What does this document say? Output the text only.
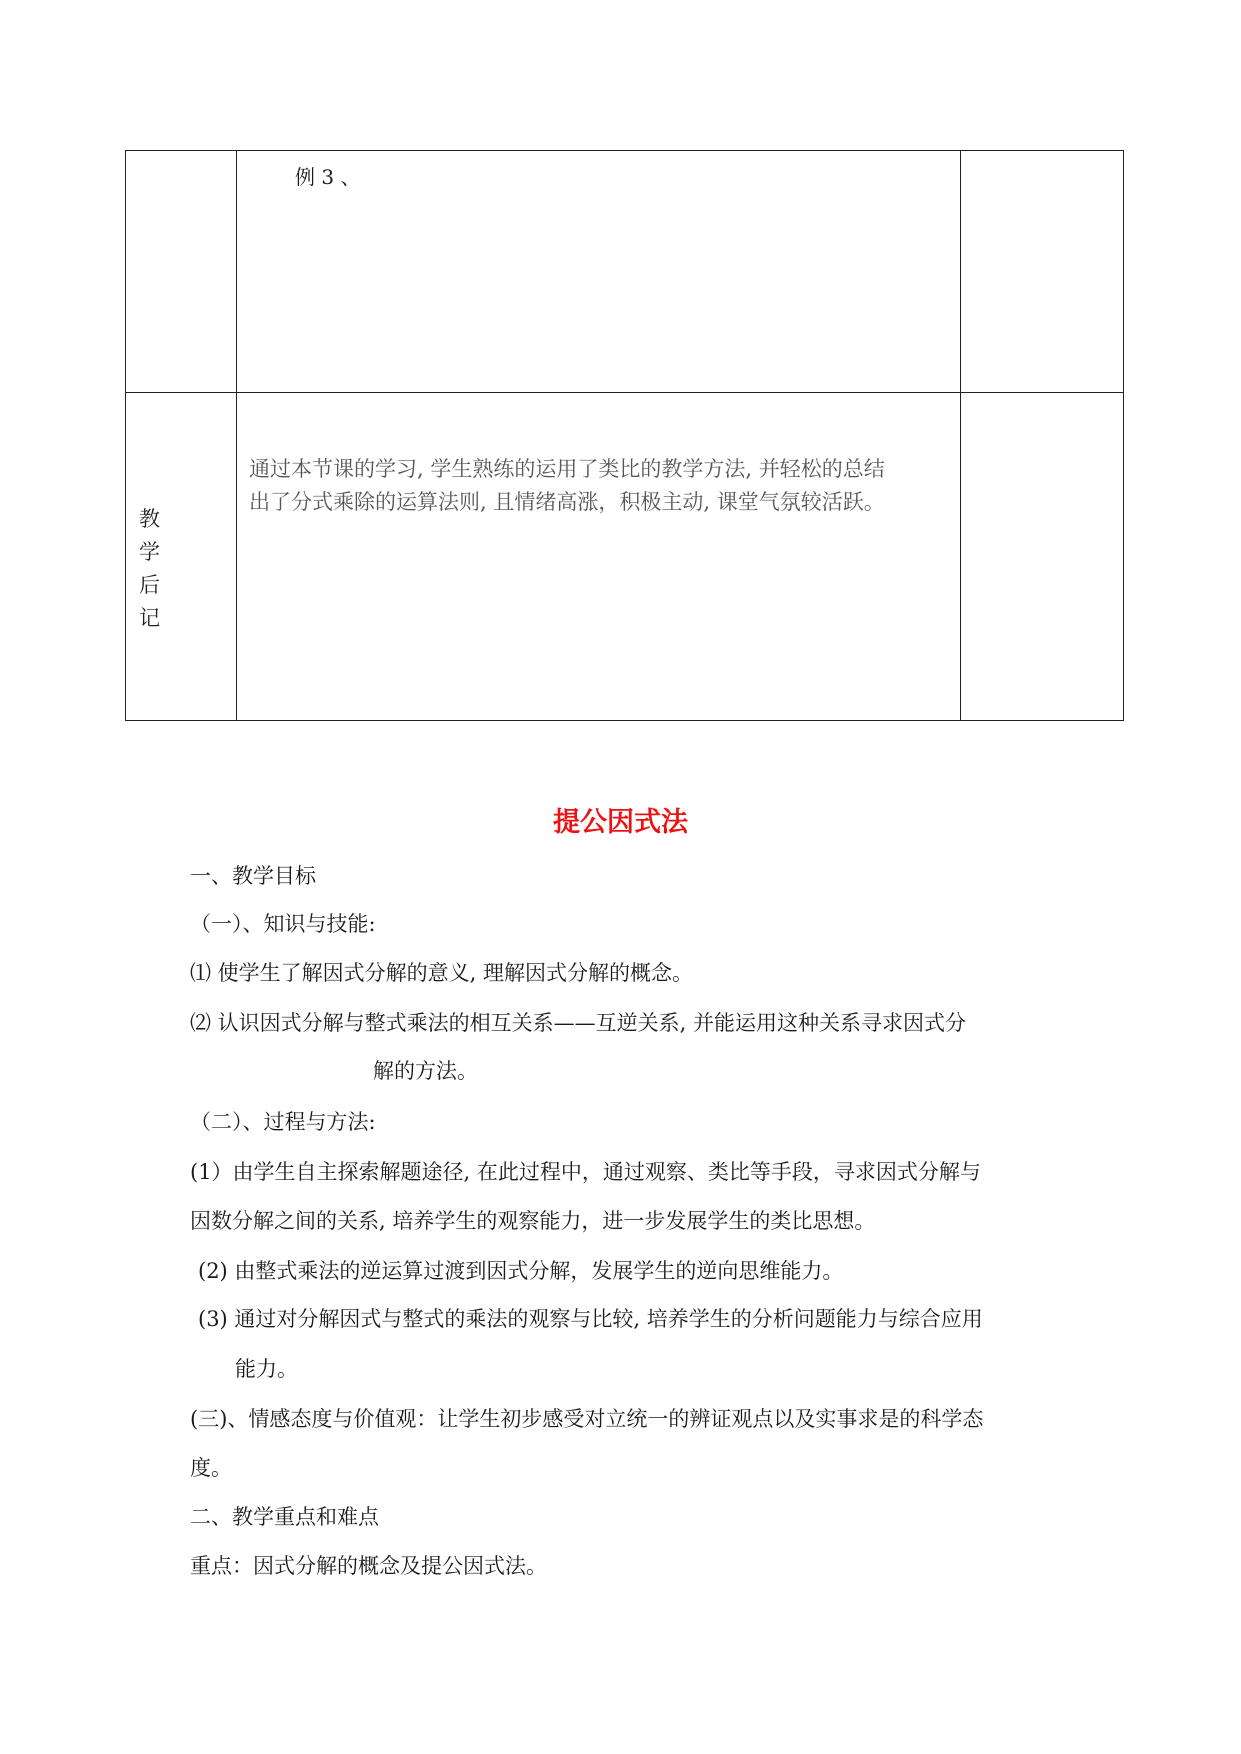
	例 3 、	

教学后记	通过本节课的学习, 学生熟练的运用了类比的教学方法, 并轻松的总结
出了分式乘除的运算法则, 且情绪高涨，积极主动, 课堂气氛较活跃。	

提公因式法
一、教学目标
（一）、知识与技能:
⑴ 使学生了解因式分解的意义, 理解因式分解的概念。
⑵ 认识因式分解与整式乘法的相互关系——互逆关系, 并能运用这种关系寻求因式分
解的方法。
（二）、过程与方法:
(1）由学生自主探索解题途径, 在此过程中，通过观察、类比等手段，寻求因式分解与
因数分解之间的关系, 培养学生的观察能力，进一步发展学生的类比思想。
(2) 由整式乘法的逆运算过渡到因式分解，发展学生的逆向思维能力。
(3) 通过对分解因式与整式的乘法的观察与比较, 培养学生的分析问题能力与综合应用
能力。
(三)、情感态度与价值观：让学生初步感受对立统一的辨证观点以及实事求是的科学态
度。
二、教学重点和难点
重点：因式分解的概念及提公因式法。
